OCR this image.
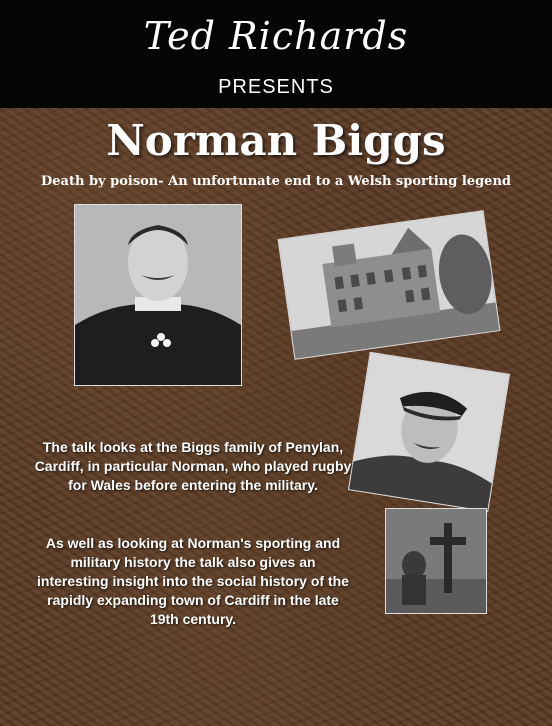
Ted Richards
PRESENTS
Norman Biggs
Death by poison- An unfortunate end to a Welsh sporting legend
The talk looks at the Biggs family of Penylan, Cardiff, in particular Norman, who played rugby for Wales before entering the military.
As well as looking at Norman's sporting and military history the talk also gives an interesting insight into the social history of the rapidly expanding town of Cardiff in the late 19th century.
